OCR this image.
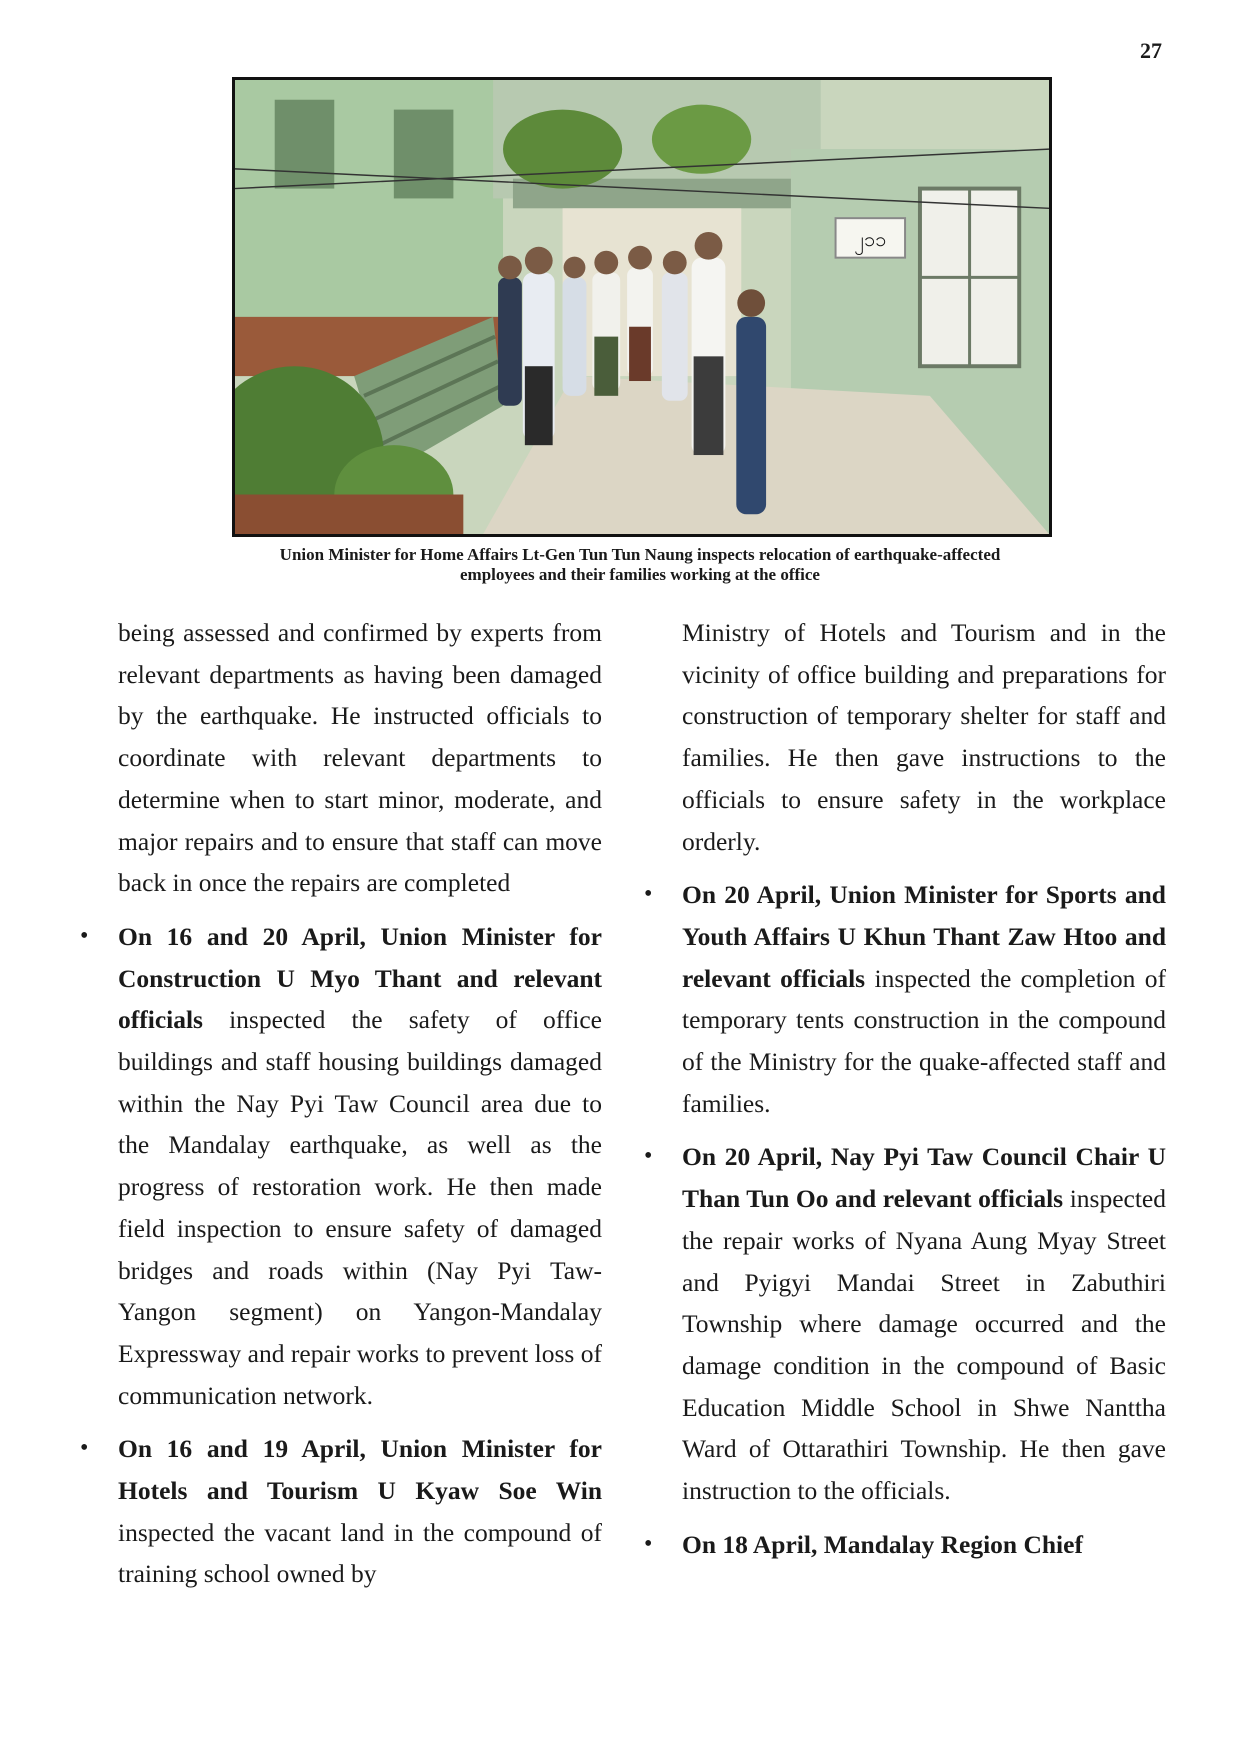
27
၂၁၁
Union Minister for Home Affairs Lt-Gen Tun Tun Naung inspects relocation of earthquake-affected
employees and their families working at the office

being assessed and confirmed by experts from relevant departments as having been damaged by the earthquake. He instructed officials to coordinate with relevant departments to determine when to start minor, moderate, and major repairs and to ensure that staff can move back in once the repairs are completed

• On 16 and 20 April, Union Minister for Construction U Myo Thant and relevant officials inspected the safety of office buildings and staff housing buildings damaged within the Nay Pyi Taw Council area due to the Mandalay earthquake, as well as the progress of restoration work. He then made field inspection to ensure safety of damaged bridges and roads within (Nay Pyi Taw-Yangon segment) on Yangon-Mandalay Expressway and repair works to prevent loss of communication network.
• On 16 and 19 April, Union Minister for Hotels and Tourism U Kyaw Soe Win inspected the vacant land in the compound of training school owned by

Ministry of Hotels and Tourism and in the vicinity of office building and preparations for construction of temporary shelter for staff and families. He then gave instructions to the officials to ensure safety in the workplace orderly.

• On 20 April, Union Minister for Sports and Youth Affairs U Khun Thant Zaw Htoo and relevant officials inspected the completion of temporary tents construction in the compound of the Ministry for the quake-affected staff and families.
• On 20 April, Nay Pyi Taw Council Chair U Than Tun Oo and relevant officials inspected the repair works of Nyana Aung Myay Street and Pyigyi Mandai Street in Zabuthiri Township where damage occurred and the damage condition in the compound of Basic Education Middle School in Shwe Nanttha Ward of Ottarathiri Township. He then gave instruction to the officials.
• On 18 April, Mandalay Region Chief
